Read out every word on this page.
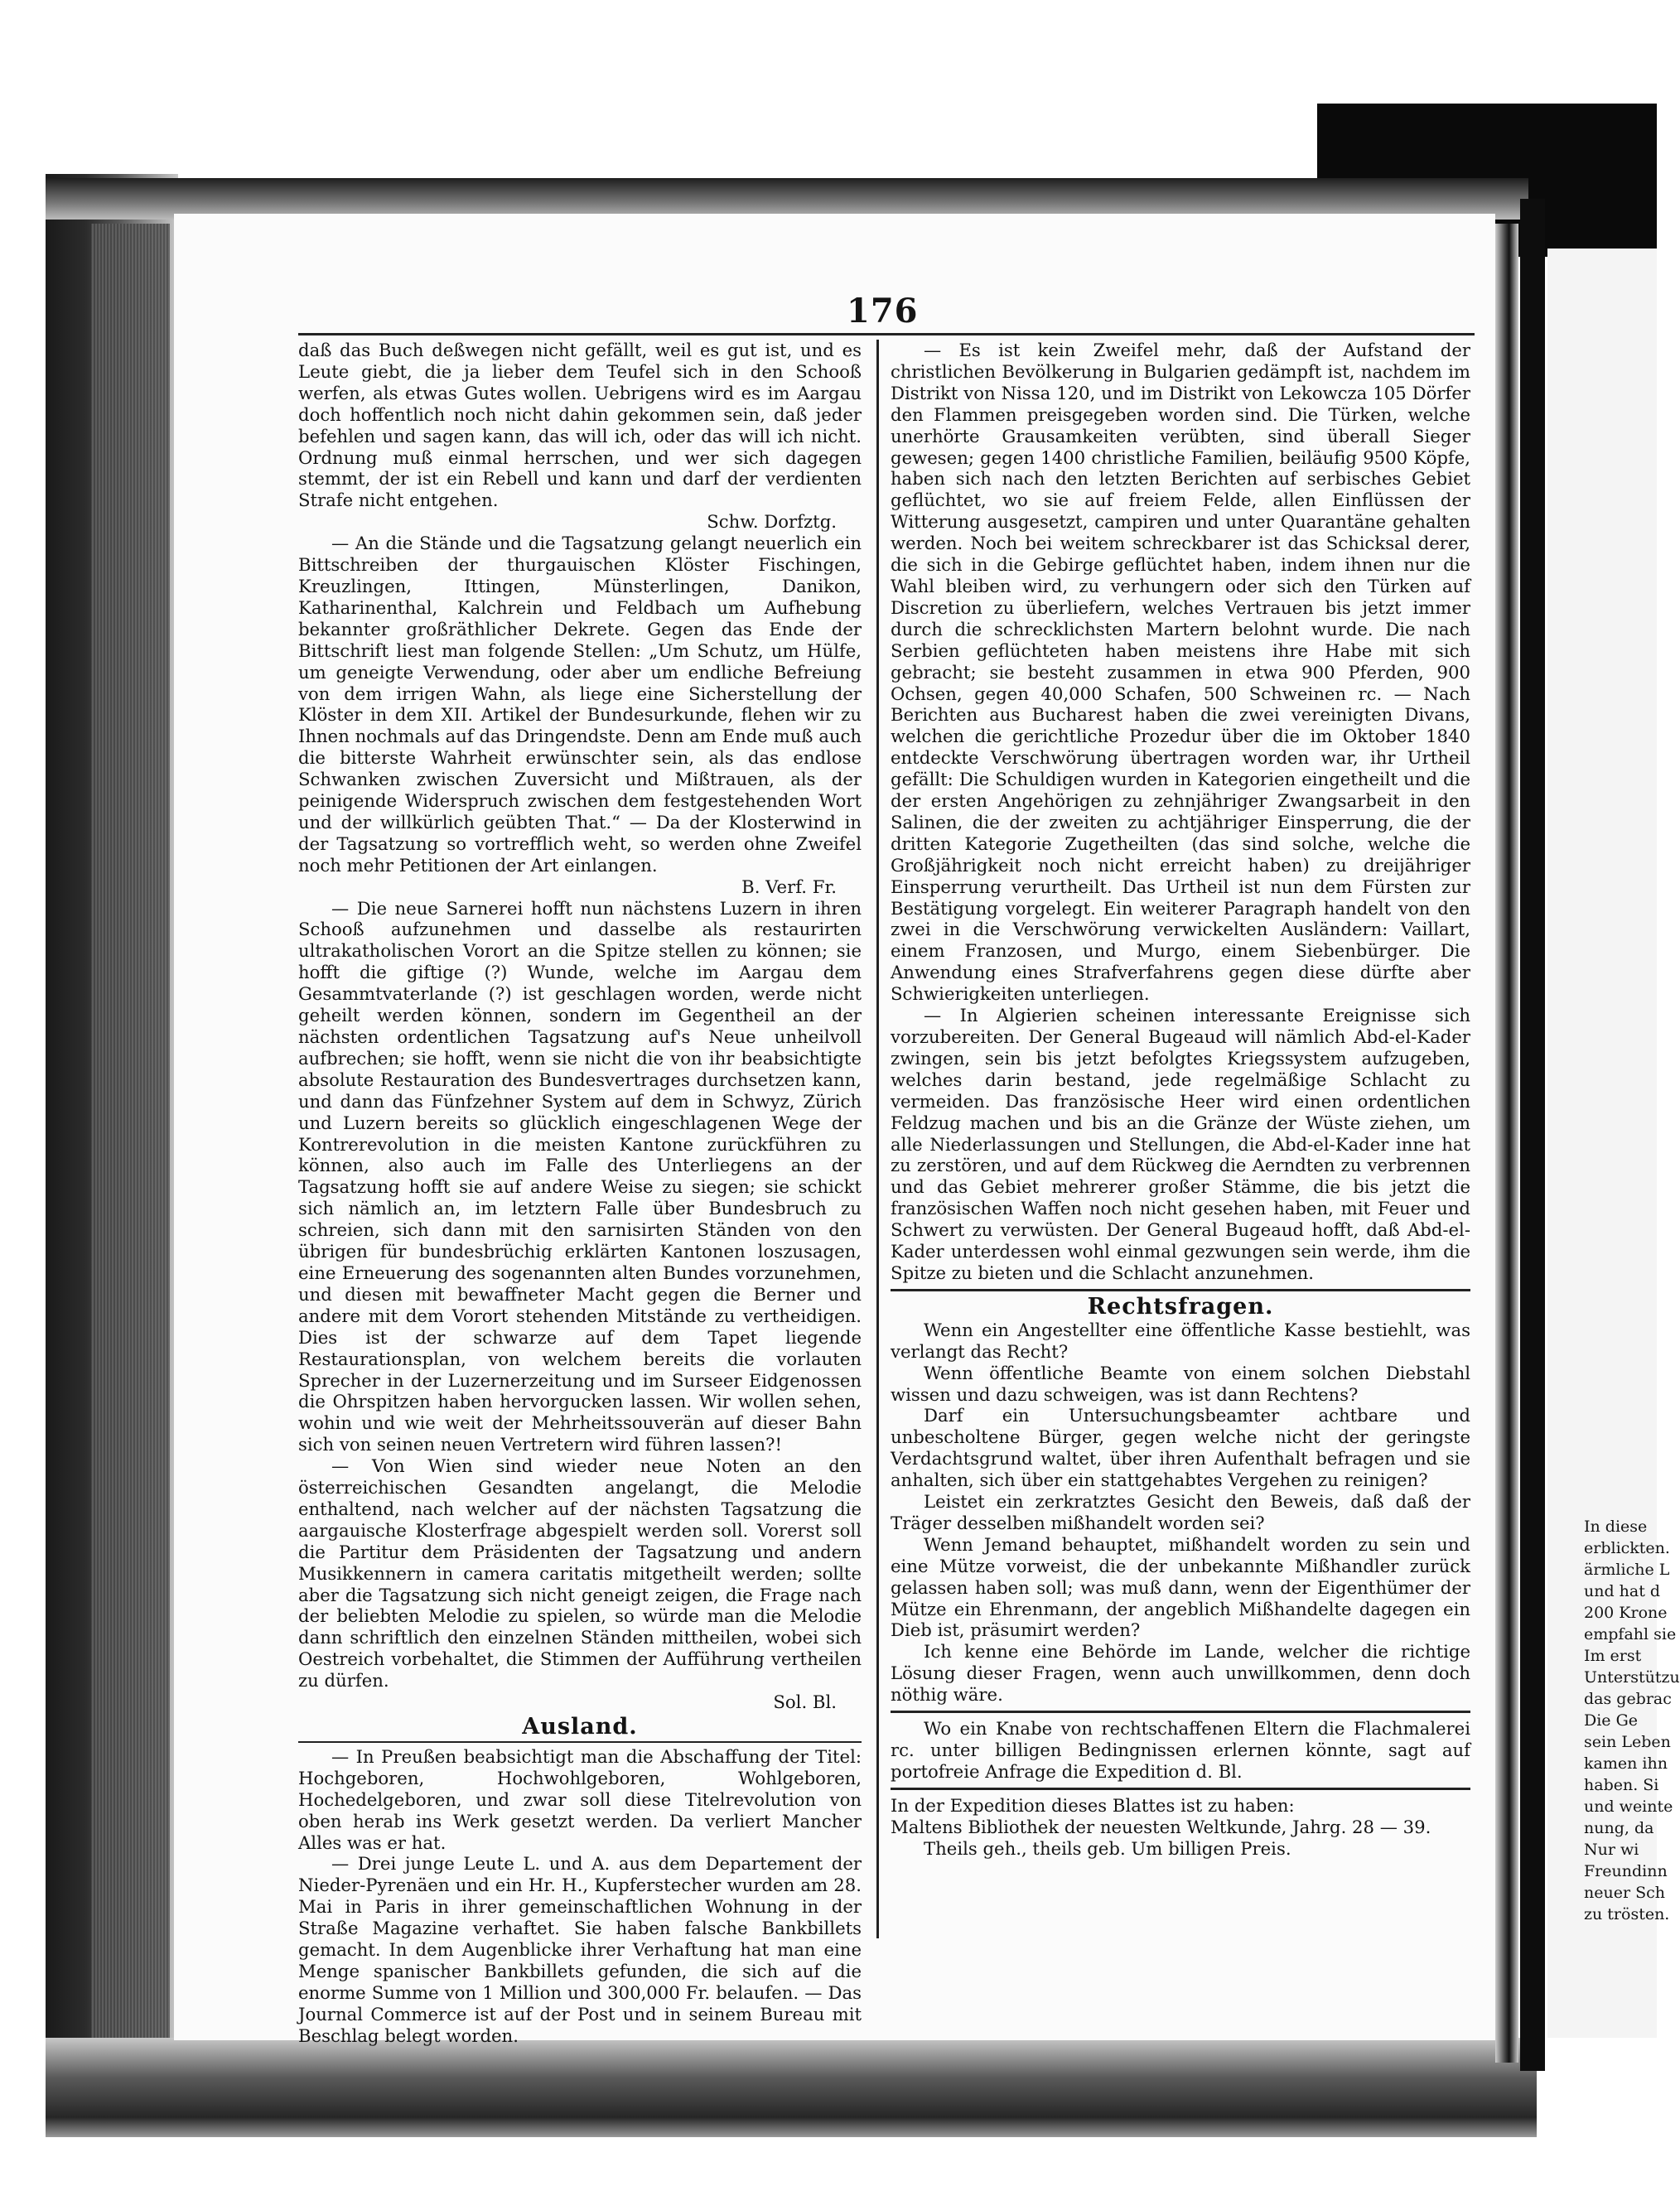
176

daß das Buch deßwegen nicht gefällt, weil es gut ist, und es Leute giebt, die ja lieber dem Teufel sich in den Schooß werfen, als etwas Gutes wollen. Uebrigens wird es im Aargau doch hoffentlich noch nicht dahin gekommen sein, daß jeder befehlen und sagen kann, das will ich, oder das will ich nicht. Ordnung muß einmal herrschen, und wer sich dagegen stemmt, der ist ein Rebell und kann und darf der verdienten Strafe nicht entgehen.

Schw. Dorfztg.

— An die Stände und die Tagsatzung gelangt neuerlich ein Bittschreiben der thurgauischen Klöster Fischingen, Kreuzlingen, Ittingen, Münsterlingen, Danikon, Katharinenthal, Kalchrein und Feldbach um Aufhebung bekannter großräthlicher Dekrete. Gegen das Ende der Bittschrift liest man folgende Stellen: „Um Schutz, um Hülfe, um geneigte Verwendung, oder aber um endliche Befreiung von dem irrigen Wahn, als liege eine Sicherstellung der Klöster in dem XII. Artikel der Bundesurkunde, flehen wir zu Ihnen nochmals auf das Dringendste. Denn am Ende muß auch die bitterste Wahrheit erwünschter sein, als das endlose Schwanken zwischen Zuversicht und Mißtrauen, als der peinigende Widerspruch zwischen dem festgestehenden Wort und der willkürlich geübten That.“ — Da der Klosterwind in der Tagsatzung so vortrefflich weht, so werden ohne Zweifel noch mehr Petitionen der Art einlangen.

B. Verf. Fr.

— Die neue Sarnerei hofft nun nächstens Luzern in ihren Schooß aufzunehmen und dasselbe als restaurirten ultrakatholischen Vorort an die Spitze stellen zu können; sie hofft die giftige (?) Wunde, welche im Aargau dem Gesammtvaterlande (?) ist geschlagen worden, werde nicht geheilt werden können, sondern im Gegentheil an der nächsten ordentlichen Tagsatzung auf's Neue unheilvoll aufbrechen; sie hofft, wenn sie nicht die von ihr beabsichtigte absolute Restauration des Bundesvertrages durchsetzen kann, und dann das Fünfzehner System auf dem in Schwyz, Zürich und Luzern bereits so glücklich eingeschlagenen Wege der Kontrerevolution in die meisten Kantone zurückführen zu können, also auch im Falle des Unterliegens an der Tagsatzung hofft sie auf andere Weise zu siegen; sie schickt sich nämlich an, im letztern Falle über Bundesbruch zu schreien, sich dann mit den sarnisirten Ständen von den übrigen für bundesbrüchig erklärten Kantonen loszusagen, eine Erneuerung des sogenannten alten Bundes vorzunehmen, und diesen mit bewaffneter Macht gegen die Berner und andere mit dem Vorort stehenden Mitstände zu vertheidigen. Dies ist der schwarze auf dem Tapet liegende Restaurationsplan, von welchem bereits die vorlauten Sprecher in der Luzernerzeitung und im Surseer Eidgenossen die Ohrspitzen haben hervorgucken lassen. Wir wollen sehen, wohin und wie weit der Mehrheitssouverän auf dieser Bahn sich von seinen neuen Vertretern wird führen lassen?!

— Von Wien sind wieder neue Noten an den österreichischen Gesandten angelangt, die Melodie enthaltend, nach welcher auf der nächsten Tagsatzung die aargauische Klosterfrage abgespielt werden soll. Vorerst soll die Partitur dem Präsidenten der Tagsatzung und andern Musikkennern in camera caritatis mitgetheilt werden; sollte aber die Tagsatzung sich nicht geneigt zeigen, die Frage nach der beliebten Melodie zu spielen, so würde man die Melodie dann schriftlich den einzelnen Ständen mittheilen, wobei sich Oestreich vorbehaltet, die Stimmen der Aufführung vertheilen zu dürfen.

Sol. Bl.

Ausland.

— In Preußen beabsichtigt man die Abschaffung der Titel: Hochgeboren, Hochwohlgeboren, Wohlgeboren, Hochedelgeboren, und zwar soll diese Titelrevolution von oben herab ins Werk gesetzt werden. Da verliert Mancher Alles was er hat.

— Drei junge Leute L. und A. aus dem Departement der Nieder-Pyrenäen und ein Hr. H., Kupferstecher wurden am 28. Mai in Paris in ihrer gemeinschaftlichen Wohnung in der Straße Magazine verhaftet. Sie haben falsche Bankbillets gemacht. In dem Augenblicke ihrer Verhaftung hat man eine Menge spanischer Bankbillets gefunden, die sich auf die enorme Summe von 1 Million und 300,000 Fr. belaufen. — Das Journal Commerce ist auf der Post und in seinem Bureau mit Beschlag belegt worden.

— Es ist kein Zweifel mehr, daß der Aufstand der christlichen Bevölkerung in Bulgarien gedämpft ist, nachdem im Distrikt von Nissa 120, und im Distrikt von Lekowcza 105 Dörfer den Flammen preisgegeben worden sind. Die Türken, welche unerhörte Grausamkeiten verübten, sind überall Sieger gewesen; gegen 1400 christliche Familien, beiläufig 9500 Köpfe, haben sich nach den letzten Berichten auf serbisches Gebiet geflüchtet, wo sie auf freiem Felde, allen Einflüssen der Witterung ausgesetzt, campiren und unter Quarantäne gehalten werden. Noch bei weitem schreckbarer ist das Schicksal derer, die sich in die Gebirge geflüchtet haben, indem ihnen nur die Wahl bleiben wird, zu verhungern oder sich den Türken auf Discretion zu überliefern, welches Vertrauen bis jetzt immer durch die schrecklichsten Martern belohnt wurde. Die nach Serbien geflüchteten haben meistens ihre Habe mit sich gebracht; sie besteht zusammen in etwa 900 Pferden, 900 Ochsen, gegen 40,000 Schafen, 500 Schweinen rc. — Nach Berichten aus Bucharest haben die zwei vereinigten Divans, welchen die gerichtliche Prozedur über die im Oktober 1840 entdeckte Verschwörung übertragen worden war, ihr Urtheil gefällt: Die Schuldigen wurden in Kategorien eingetheilt und die der ersten Angehörigen zu zehnjähriger Zwangsarbeit in den Salinen, die der zweiten zu achtjähriger Einsperrung, die der dritten Kategorie Zugetheilten (das sind solche, welche die Großjährigkeit noch nicht erreicht haben) zu dreijähriger Einsperrung verurtheilt. Das Urtheil ist nun dem Fürsten zur Bestätigung vorgelegt. Ein weiterer Paragraph handelt von den zwei in die Verschwörung verwickelten Ausländern: Vaillart, einem Franzosen, und Murgo, einem Siebenbürger. Die Anwendung eines Strafverfahrens gegen diese dürfte aber Schwierigkeiten unterliegen.

— In Algierien scheinen interessante Ereignisse sich vorzubereiten. Der General Bugeaud will nämlich Abd-el-Kader zwingen, sein bis jetzt befolgtes Kriegssystem aufzugeben, welches darin bestand, jede regelmäßige Schlacht zu vermeiden. Das französische Heer wird einen ordentlichen Feldzug machen und bis an die Gränze der Wüste ziehen, um alle Niederlassungen und Stellungen, die Abd-el-Kader inne hat zu zerstören, und auf dem Rückweg die Aerndten zu verbrennen und das Gebiet mehrerer großer Stämme, die bis jetzt die französischen Waffen noch nicht gesehen haben, mit Feuer und Schwert zu verwüsten. Der General Bugeaud hofft, daß Abd-el-Kader unterdessen wohl einmal gezwungen sein werde, ihm die Spitze zu bieten und die Schlacht anzunehmen.

Rechtsfragen.

Wenn ein Angestellter eine öffentliche Kasse bestiehlt, was verlangt das Recht?

Wenn öffentliche Beamte von einem solchen Diebstahl wissen und dazu schweigen, was ist dann Rechtens?

Darf ein Untersuchungsbeamter achtbare und unbescholtene Bürger, gegen welche nicht der geringste Verdachtsgrund waltet, über ihren Aufenthalt befragen und sie anhalten, sich über ein stattgehabtes Vergehen zu reinigen?

Leistet ein zerkratztes Gesicht den Beweis, daß daß der Träger desselben mißhandelt worden sei?

Wenn Jemand behauptet, mißhandelt worden zu sein und eine Mütze vorweist, die der unbekannte Mißhandler zurück gelassen haben soll; was muß dann, wenn der Eigenthümer der Mütze ein Ehrenmann, der angeblich Mißhandelte dagegen ein Dieb ist, präsumirt werden?

Ich kenne eine Behörde im Lande, welcher die richtige Lösung dieser Fragen, wenn auch unwillkommen, denn doch nöthig wäre.

Wo ein Knabe von rechtschaffenen Eltern die Flachmalerei rc. unter billigen Bedingnissen erlernen könnte, sagt auf portofreie Anfrage die Expedition d. Bl.

In der Expedition dieses Blattes ist zu haben:

Maltens Bibliothek der neuesten Weltkunde, Jahrg. 28 — 39.

Theils geh., theils geb. Um billigen Preis.

In diese
erblickten.
ärmliche L
und hat d
200 Krone
empfahl sie
Im erst
Unterstützu
das gebrac
Die Ge
sein Leben
kamen ihn
haben. Si
und weinte
nung, da
Nur wi
Freundinn
neuer Sch
zu trösten.
